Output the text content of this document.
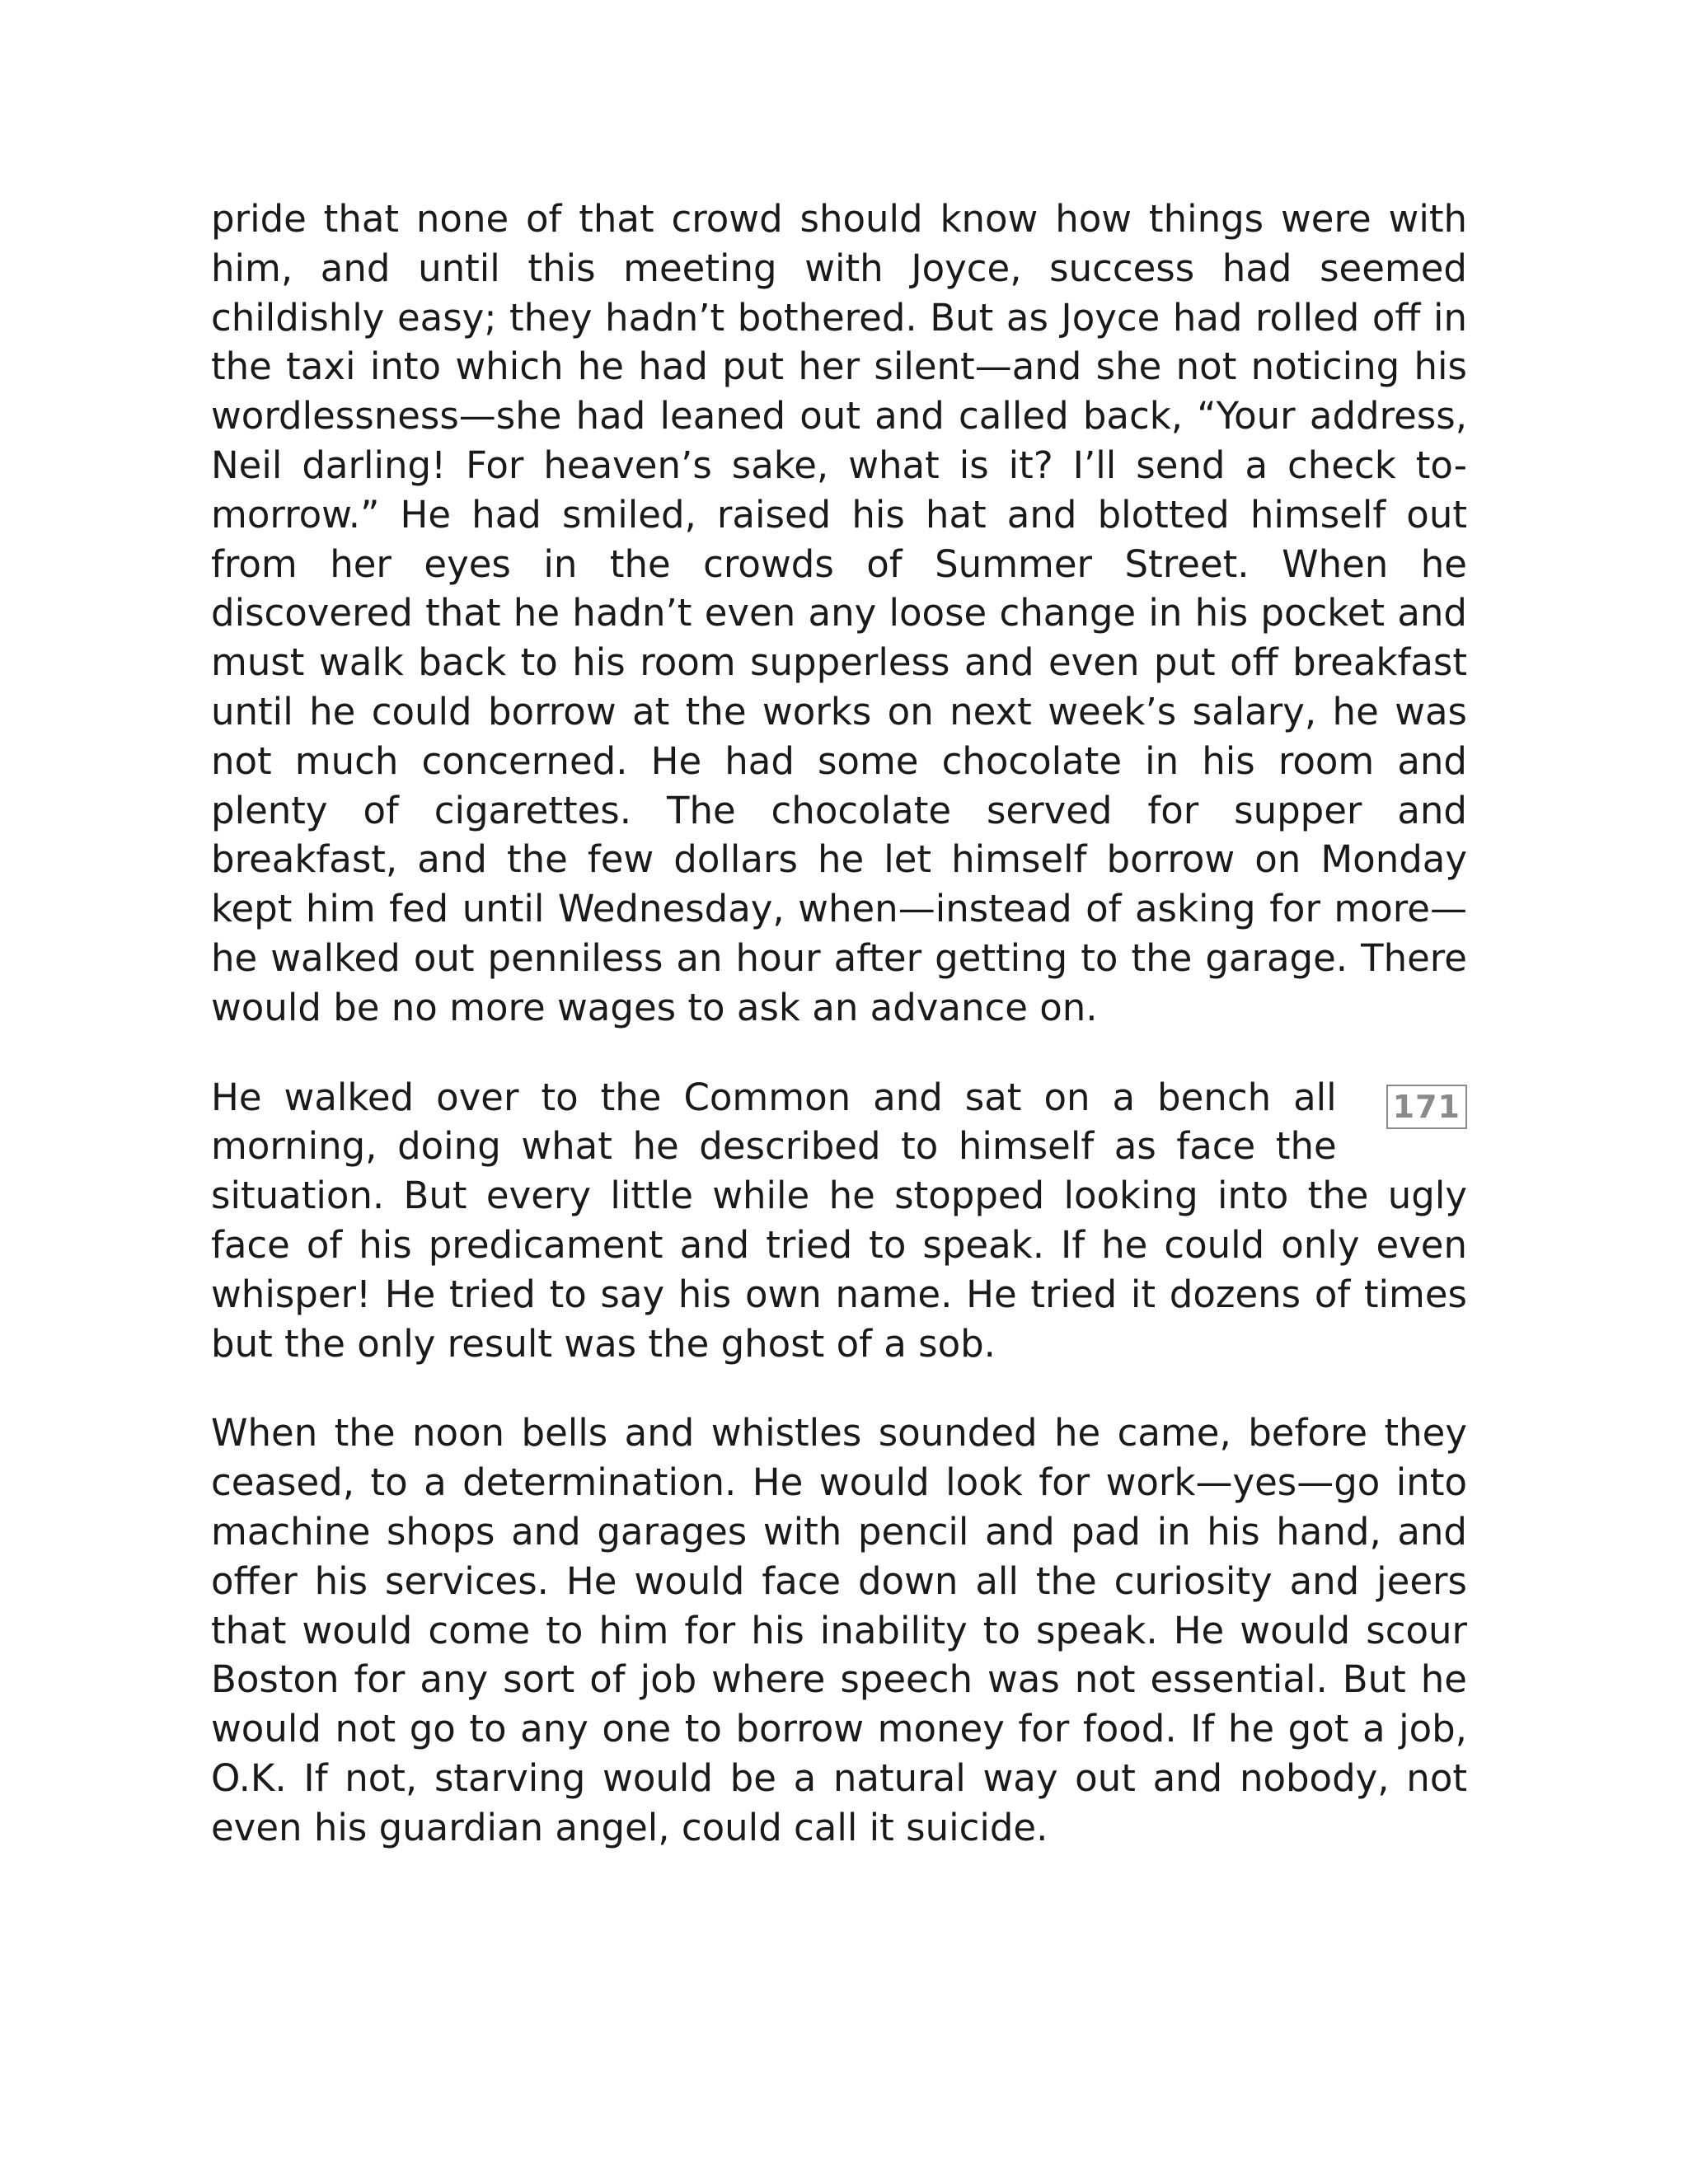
pride that none of that crowd should know how things were with him, and until this meeting with Joyce, success had seemed childishly easy; they hadn’t bothered. But as Joyce had rolled off in the taxi into which he had put her silent—and she not noticing his wordlessness—she had leaned out and called back, “Your address, Neil darling! For heaven’s sake, what is it? I’ll send a check to-morrow.” He had smiled, raised his hat and blotted himself out from her eyes in the crowds of Summer Street. When he discovered that he hadn’t even any loose change in his pocket and must walk back to his room supperless and even put off breakfast until he could borrow at the works on next week’s salary, he was not much concerned. He had some chocolate in his room and plenty of cigarettes. The chocolate served for supper and breakfast, and the few dollars he let himself borrow on Monday kept him fed until Wednesday, when—instead of asking for more—he walked out penniless an hour after getting to the garage. There would be no more wages to ask an advance on.

171
He walked over to the Common and sat on a bench all morning, doing what he described to himself as face the situation. But every little while he stopped looking into the ugly face of his predicament and tried to speak. If he could only even whisper! He tried to say his own name. He tried it dozens of times but the only result was the ghost of a sob.

When the noon bells and whistles sounded he came, before they ceased, to a determination. He would look for work—yes—go into machine shops and garages with pencil and pad in his hand, and offer his services. He would face down all the curiosity and jeers that would come to him for his inability to speak. He would scour Boston for any sort of job where speech was not essential. But he would not go to any one to borrow money for food. If he got a job, O.K. If not, starving would be a natural way out and nobody, not even his guardian angel, could call it suicide.
